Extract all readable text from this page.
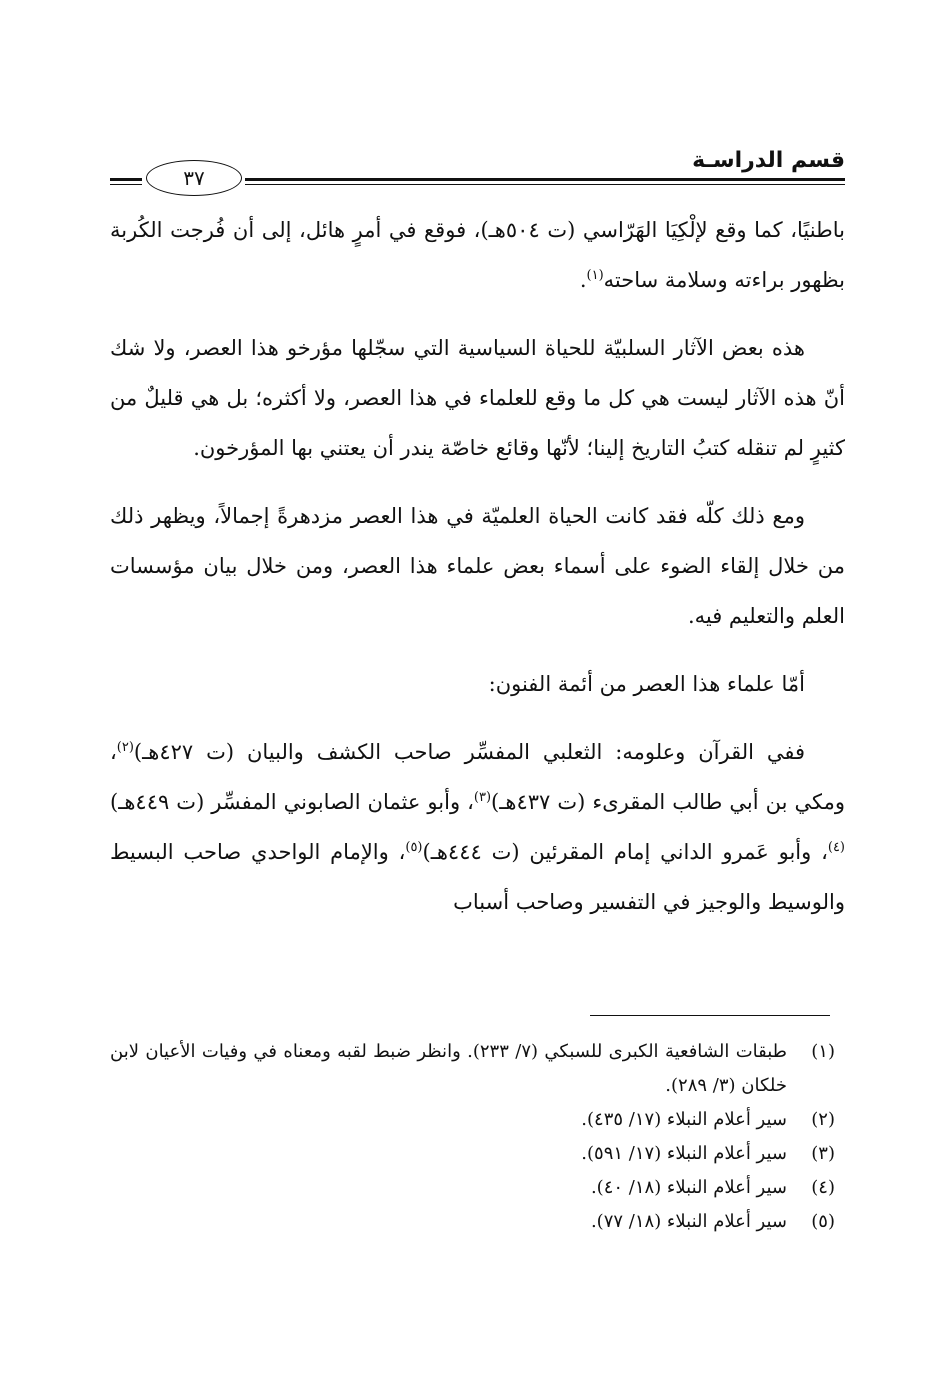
قسم الدراسـة
٣٧

باطنيًا، كما وقع لإلْكِيَا الهَرّاسي (ت ٥٠٤هـ)، فوقع في أمرٍ هائل، إلى أن فُرجت الكُربة بظهور براءته وسلامة ساحته$^{(١)}$.

هذه بعض الآثار السلبيّة للحياة السياسية التي سجّلها مؤرخو هذا العصر، ولا شك أنّ هذه الآثار ليست هي كل ما وقع للعلماء في هذا العصر، ولا أكثره؛ بل هي قليلٌ من كثيرٍ لم تنقله كتبُ التاريخ إلينا؛ لأنّها وقائع خاصّة يندر أن يعتني بها المؤرخون.

ومع ذلك كلّه فقد كانت الحياة العلميّة في هذا العصر مزدهرةً إجمالاً، ويظهر ذلك من خلال إلقاء الضوء على أسماء بعض علماء هذا العصر، ومن خلال بيان مؤسسات العلم والتعليم فيه.

أمّا علماء هذا العصر من أئمة الفنون:

ففي القرآن وعلومه: الثعلبي المفسِّر صاحب الكشف والبيان (ت ٤٢٧هـ)$^{(٢)}$، ومكي بن أبي طالب المقرىء (ت ٤٣٧هـ)$^{(٣)}$، وأبو عثمان الصابوني المفسِّر (ت ٤٤٩هـ)$^{(٤)}$، وأبو عَمرو الداني إمام المقرئين (ت ٤٤٤هـ)$^{(٥)}$، والإمام الواحدي صاحب البسيط والوسيط والوجيز في التفسير وصاحب أسباب

(١)
طبقات الشافعية الكبرى للسبكي (٧/ ٢٣٣). وانظر ضبط لقبه ومعناه في وفيات الأعيان لابن خلكان (٣/ ٢٨٩).
(٢)
سير أعلام النبلاء (١٧/ ٤٣٥).
(٣)
سير أعلام النبلاء (١٧/ ٥٩١).
(٤)
سير أعلام النبلاء (١٨/ ٤٠).
(٥)
سير أعلام النبلاء (١٨/ ٧٧).
